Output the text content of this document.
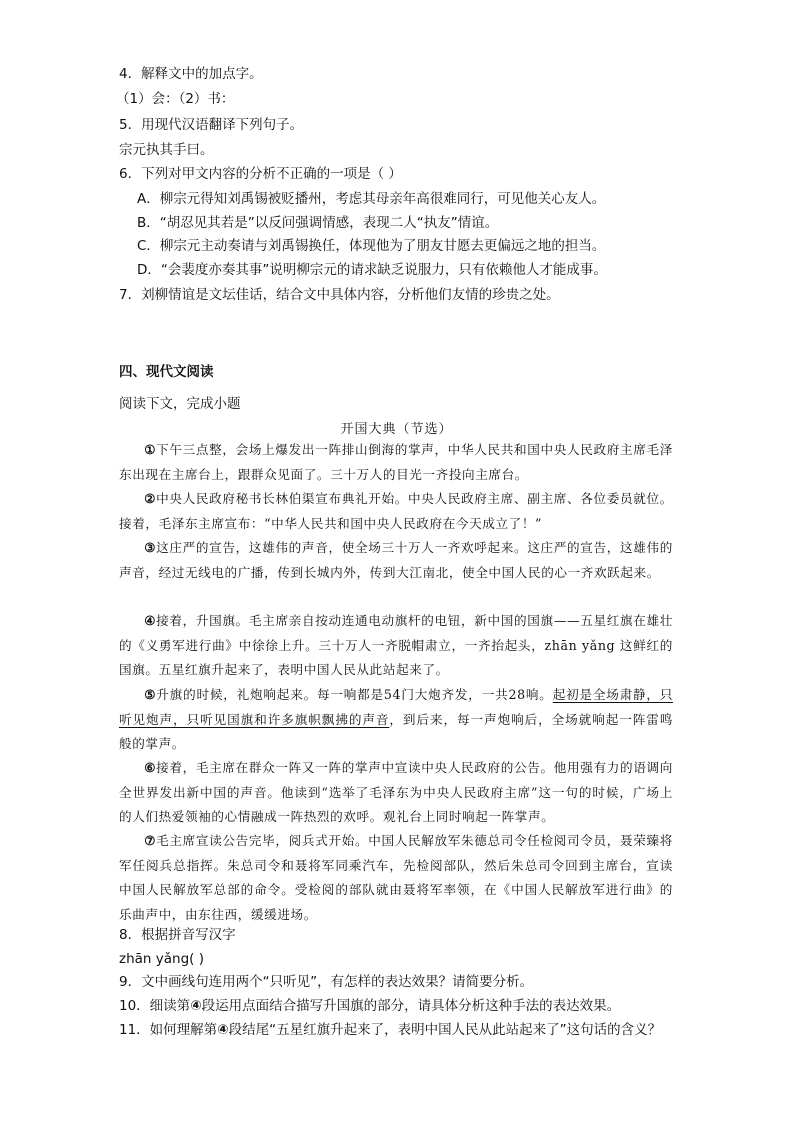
4．解释文中的加点字。
（1）会：（2）书：
5．用现代汉语翻译下列句子。
宗元执其手曰。
6．下列对甲文内容的分析不正确的一项是（ ）
A．柳宗元得知刘禹锡被贬播州，考虑其母亲年高很难同行，可见他关心友人。
B．“胡忍见其若是”以反问强调情感，表现二人“执友”情谊。
C．柳宗元主动奏请与刘禹锡换任，体现他为了朋友甘愿去更偏远之地的担当。
D．“会裴度亦奏其事”说明柳宗元的请求缺乏说服力，只有依赖他人才能成事。
7．刘柳情谊是文坛佳话，结合文中具体内容，分析他们友情的珍贵之处。
四、现代文阅读
阅读下文，完成小题
开国大典（节选）

①下午三点整，会场上爆发出一阵排山倒海的掌声，中华人民共和国中央人民政府主席毛泽东出现在主席台上，跟群众见面了。三十万人的目光一齐投向主席台。

②中央人民政府秘书长林伯渠宣布典礼开始。中央人民政府主席、副主席、各位委员就位。接着，毛泽东主席宣布：“中华人民共和国中央人民政府在今天成立了！”

③这庄严的宣告，这雄伟的声音，使全场三十万人一齐欢呼起来。这庄严的宣告，这雄伟的声音，经过无线电的广播，传到长城内外，传到大江南北，使全中国人民的心一齐欢跃起来。

④接着，升国旗。毛主席亲自按动连通电动旗杆的电钮，新中国的国旗——五星红旗在雄壮的《义勇军进行曲》中徐徐上升。三十万人一齐脱帽肃立，一齐抬起头，zhān yǎng 这鲜红的国旗。五星红旗升起来了，表明中国人民从此站起来了。

⑤升旗的时候，礼炮响起来。每一响都是54门大炮齐发，一共28响。起初是全场肃静，只听见炮声，只听见国旗和许多旗帜飘拂的声音，到后来，每一声炮响后，全场就响起一阵雷鸣般的掌声。

⑥接着，毛主席在群众一阵又一阵的掌声中宣读中央人民政府的公告。他用强有力的语调向全世界发出新中国的声音。他读到“选举了毛泽东为中央人民政府主席”这一句的时候，广场上的人们热爱领袖的心情融成一阵热烈的欢呼。观礼台上同时响起一阵掌声。

⑦毛主席宣读公告完毕，阅兵式开始。中国人民解放军朱德总司令任检阅司令员，聂荣臻将军任阅兵总指挥。朱总司令和聂将军同乘汽车，先检阅部队，然后朱总司令回到主席台，宣读中国人民解放军总部的命令。受检阅的部队就由聂将军率领，在《中国人民解放军进行曲》的乐曲声中，由东往西，缓缓进场。

8．根据拼音写汉字
zhān yǎng( )
9．文中画线句连用两个“只听见”，有怎样的表达效果？请简要分析。
10．细读第④段运用点面结合描写升国旗的部分，请具体分析这种手法的表达效果。
11．如何理解第④段结尾“五星红旗升起来了，表明中国人民从此站起来了”这句话的含义？
